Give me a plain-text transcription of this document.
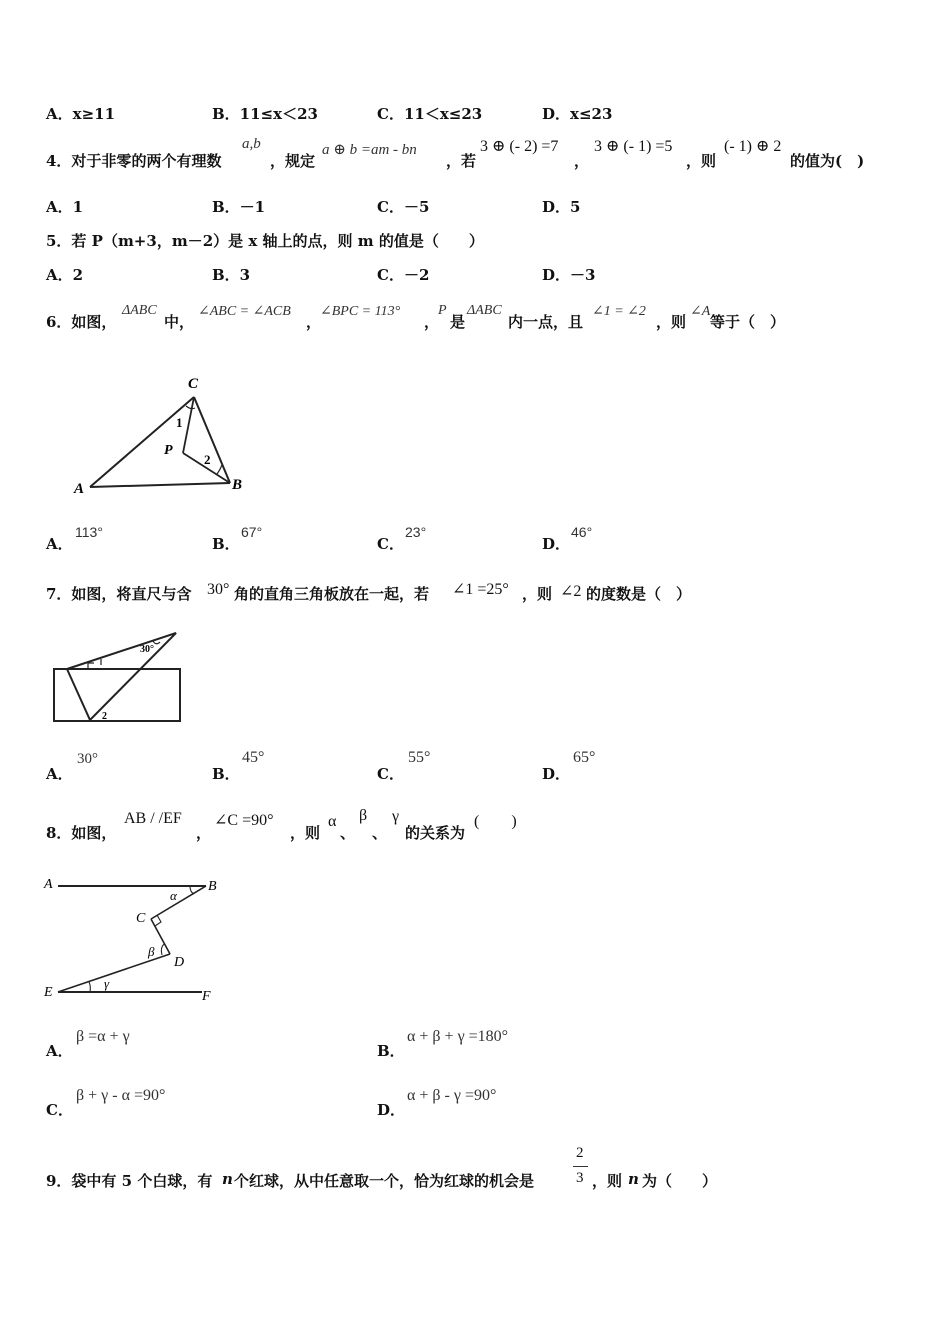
A．x≥11	B．11≤x＜23	C．11＜x≤23	D．x≤23
4．对于非零的两个有理数
a,b
，规定
a ⊕ b =am - bn
，若
3 ⊕ (- 2) =7
，
3 ⊕ (- 1) =5
，则
(- 1) ⊕ 2
的值为(　)
A．1	B．－1	C．－5	D．5
5．若 P（m+3，m－2）是 x 轴上的点，则 m 的值是（　　）
A．2	B．3	C．－2	D．－3
6．如图，
ΔABC
中，
∠ABC = ∠ACB
，
∠BPC = 113°
，
P
是
ΔABC
内一点，且
∠1 = ∠2
，则
∠A
等于（　）
C
A	B
P
1
2
A．
113°
B．
67°
C．
23°
D．
46°
7．如图，将直尺与含 30° 角的直角三角板放在一起，若 ∠1 =25° ，则 ∠2 的度数是（　）
30°
2
A．
30°
B．
45°
C．
55°
D．
65°
8．如图，
AB / /EF
，
∠C =90°
，则
α
、
β
、
γ
的关系为
(　　)
A	B
C
D
E	F
α
β
γ
A．
β =α + γ
B．
α + β + γ =180°
C．
β + γ - α =90°
D．
α + β - γ =90°
9．袋中有 5 个白球，有 n 个红球，从中任意取一个，恰为红球的机会是
2
3 ，则 n 为（　　）
